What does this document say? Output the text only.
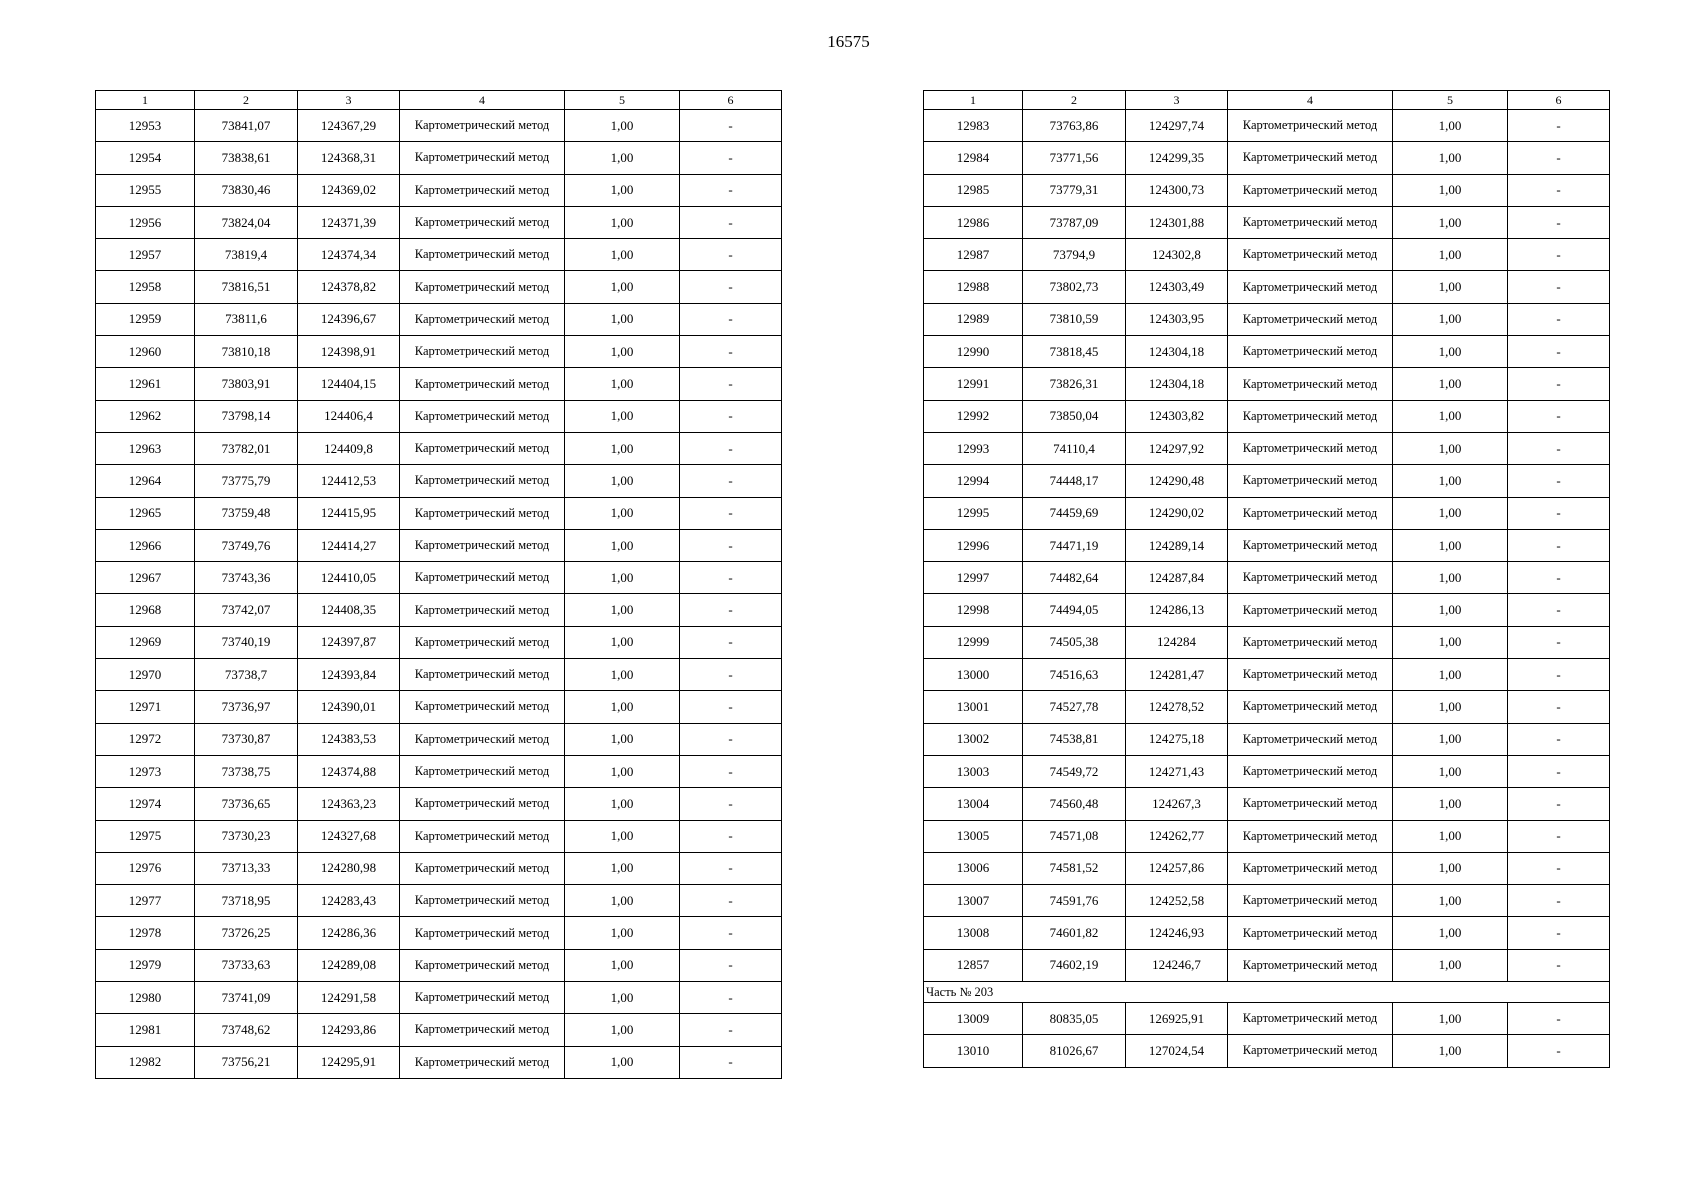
16575
1	2	3	4	5	6
12953	73841,07	124367,29	Картометрический метод	1,00	-
12954	73838,61	124368,31	Картометрический метод	1,00	-
12955	73830,46	124369,02	Картометрический метод	1,00	-
12956	73824,04	124371,39	Картометрический метод	1,00	-
12957	73819,4	124374,34	Картометрический метод	1,00	-
12958	73816,51	124378,82	Картометрический метод	1,00	-
12959	73811,6	124396,67	Картометрический метод	1,00	-
12960	73810,18	124398,91	Картометрический метод	1,00	-
12961	73803,91	124404,15	Картометрический метод	1,00	-
12962	73798,14	124406,4	Картометрический метод	1,00	-
12963	73782,01	124409,8	Картометрический метод	1,00	-
12964	73775,79	124412,53	Картометрический метод	1,00	-
12965	73759,48	124415,95	Картометрический метод	1,00	-
12966	73749,76	124414,27	Картометрический метод	1,00	-
12967	73743,36	124410,05	Картометрический метод	1,00	-
12968	73742,07	124408,35	Картометрический метод	1,00	-
12969	73740,19	124397,87	Картометрический метод	1,00	-
12970	73738,7	124393,84	Картометрический метод	1,00	-
12971	73736,97	124390,01	Картометрический метод	1,00	-
12972	73730,87	124383,53	Картометрический метод	1,00	-
12973	73738,75	124374,88	Картометрический метод	1,00	-
12974	73736,65	124363,23	Картометрический метод	1,00	-
12975	73730,23	124327,68	Картометрический метод	1,00	-
12976	73713,33	124280,98	Картометрический метод	1,00	-
12977	73718,95	124283,43	Картометрический метод	1,00	-
12978	73726,25	124286,36	Картометрический метод	1,00	-
12979	73733,63	124289,08	Картометрический метод	1,00	-
12980	73741,09	124291,58	Картометрический метод	1,00	-
12981	73748,62	124293,86	Картометрический метод	1,00	-
12982	73756,21	124295,91	Картометрический метод	1,00	-
1	2	3	4	5	6
12983	73763,86	124297,74	Картометрический метод	1,00	-
12984	73771,56	124299,35	Картометрический метод	1,00	-
12985	73779,31	124300,73	Картометрический метод	1,00	-
12986	73787,09	124301,88	Картометрический метод	1,00	-
12987	73794,9	124302,8	Картометрический метод	1,00	-
12988	73802,73	124303,49	Картометрический метод	1,00	-
12989	73810,59	124303,95	Картометрический метод	1,00	-
12990	73818,45	124304,18	Картометрический метод	1,00	-
12991	73826,31	124304,18	Картометрический метод	1,00	-
12992	73850,04	124303,82	Картометрический метод	1,00	-
12993	74110,4	124297,92	Картометрический метод	1,00	-
12994	74448,17	124290,48	Картометрический метод	1,00	-
12995	74459,69	124290,02	Картометрический метод	1,00	-
12996	74471,19	124289,14	Картометрический метод	1,00	-
12997	74482,64	124287,84	Картометрический метод	1,00	-
12998	74494,05	124286,13	Картометрический метод	1,00	-
12999	74505,38	124284	Картометрический метод	1,00	-
13000	74516,63	124281,47	Картометрический метод	1,00	-
13001	74527,78	124278,52	Картометрический метод	1,00	-
13002	74538,81	124275,18	Картометрический метод	1,00	-
13003	74549,72	124271,43	Картометрический метод	1,00	-
13004	74560,48	124267,3	Картометрический метод	1,00	-
13005	74571,08	124262,77	Картометрический метод	1,00	-
13006	74581,52	124257,86	Картометрический метод	1,00	-
13007	74591,76	124252,58	Картометрический метод	1,00	-
13008	74601,82	124246,93	Картометрический метод	1,00	-
12857	74602,19	124246,7	Картометрический метод	1,00	-
Часть № 203					
13009	80835,05	126925,91	Картометрический метод	1,00	-
13010	81026,67	127024,54	Картометрический метод	1,00	-
